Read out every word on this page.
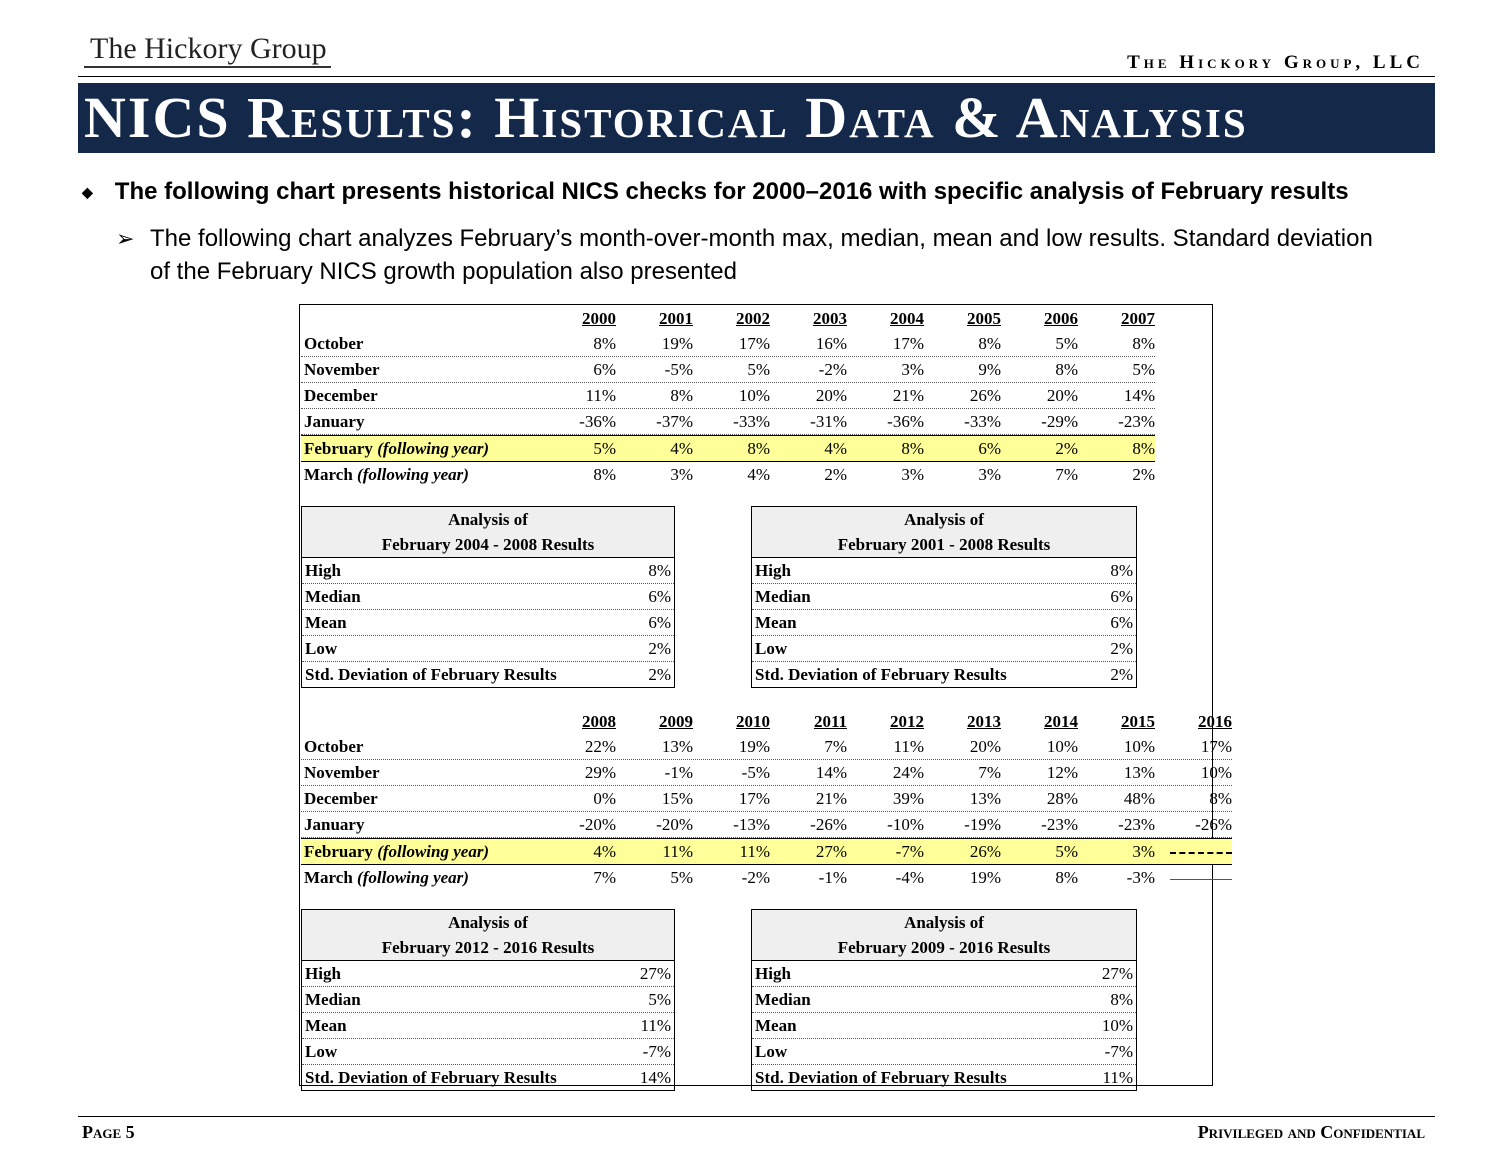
The Hickory Group	The Hickory Group, LLC
NICS Results: Historical Data & Analysis
◆ The following chart presents historical NICS checks for 2000–2016 with specific analysis of February results
➢ The following chart analyzes February’s month-over-month max, median, mean and low results. Standard deviation of the February NICS growth population also presented
2000	2001	2002	2003	2004	2005	2006	2007
October	8%	19%	17%	16%	17%	8%	5%	8%
November	6%	-5%	5%	-2%	3%	9%	8%	5%
December	11%	8%	10%	20%	21%	26%	20%	14%
January	-36%	-37%	-33%	-31%	-36%	-33%	-29%	-23%
February (following year)	5%	4%	8%	4%	8%	6%	2%	8%
March (following year)	8%	3%	4%	2%	3%	3%	7%	2%
Analysis of
February 2004 - 2008 Results
High	8%
Median	6%
Mean	6%
Low	2%
Std. Deviation of February Results	2%
Analysis of
February 2001 - 2008 Results
High	8%
Median	6%
Mean	6%
Low	2%
Std. Deviation of February Results	2%
2008	2009	2010	2011	2012	2013	2014	2015	2016
October	22%	13%	19%	7%	11%	20%	10%	10%	17%
November	29%	-1%	-5%	14%	24%	7%	12%	13%	10%
December	0%	15%	17%	21%	39%	13%	28%	48%	8%
January	-20%	-20%	-13%	-26%	-10%	-19%	-23%	-23%	-26%
February (following year)	4%	11%	11%	27%	-7%	26%	5%	3%
March (following year)	7%	5%	-2%	-1%	-4%	19%	8%	-3%
Analysis of
February 2012 - 2016 Results
High	27%
Median	5%
Mean	11%
Low	-7%
Std. Deviation of February Results	14%
Analysis of
February 2009 - 2016 Results
High	27%
Median	8%
Mean	10%
Low	-7%
Std. Deviation of February Results	11%
Page 5	Privileged and Confidential
